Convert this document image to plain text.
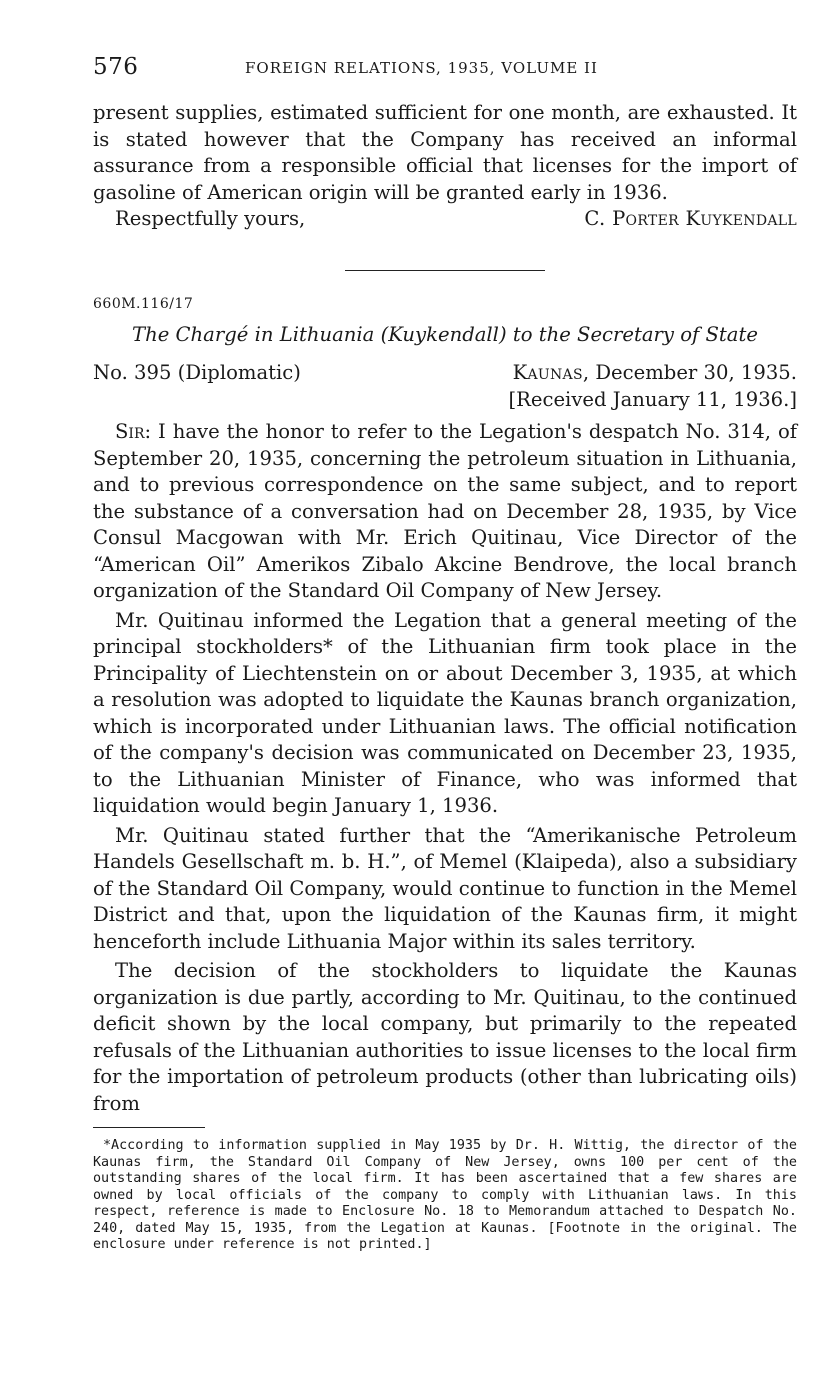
576	FOREIGN RELATIONS, 1935, VOLUME II

present supplies, estimated sufficient for one month, are exhausted. It is stated however that the Company has received an informal assurance from a responsible official that licenses for the import of gasoline of American origin will be granted early in 1936.

Respectfully yours,	C. Porter Kuykendall

660M.116/17

The Chargé in Lithuania (Kuykendall) to the Secretary of State

No. 395 (Diplomatic)	Kaunas, December 30, 1935.
[Received January 11, 1936.]

Sir: I have the honor to refer to the Legation's despatch No. 314, of September 20, 1935, concerning the petroleum situation in Lithuania, and to previous correspondence on the same subject, and to report the substance of a conversation had on December 28, 1935, by Vice Consul Macgowan with Mr. Erich Quitinau, Vice Director of the “American Oil” Amerikos Zibalo Akcine Bendrove, the local branch organization of the Standard Oil Company of New Jersey.

Mr. Quitinau informed the Legation that a general meeting of the principal stockholders* of the Lithuanian firm took place in the Principality of Liechtenstein on or about December 3, 1935, at which a resolution was adopted to liquidate the Kaunas branch organization, which is incorporated under Lithuanian laws. The official notification of the company's decision was communicated on December 23, 1935, to the Lithuanian Minister of Finance, who was informed that liquidation would begin January 1, 1936.

Mr. Quitinau stated further that the “Amerikanische Petroleum Handels Gesellschaft m. b. H.”, of Memel (Klaipeda), also a subsidiary of the Standard Oil Company, would continue to function in the Memel District and that, upon the liquidation of the Kaunas firm, it might henceforth include Lithuania Major within its sales territory.

The decision of the stockholders to liquidate the Kaunas organization is due partly, according to Mr. Quitinau, to the continued deficit shown by the local company, but primarily to the repeated refusals of the Lithuanian authorities to issue licenses to the local firm for the importation of petroleum products (other than lubricating oils) from

*According to information supplied in May 1935 by Dr. H. Wittig, the director of the Kaunas firm, the Standard Oil Company of New Jersey, owns 100 per cent of the outstanding shares of the local firm. It has been ascertained that a few shares are owned by local officials of the company to comply with Lithuanian laws. In this respect, reference is made to Enclosure No. 18 to Memorandum attached to Despatch No. 240, dated May 15, 1935, from the Legation at Kaunas. [Footnote in the original. The enclosure under reference is not printed.]
